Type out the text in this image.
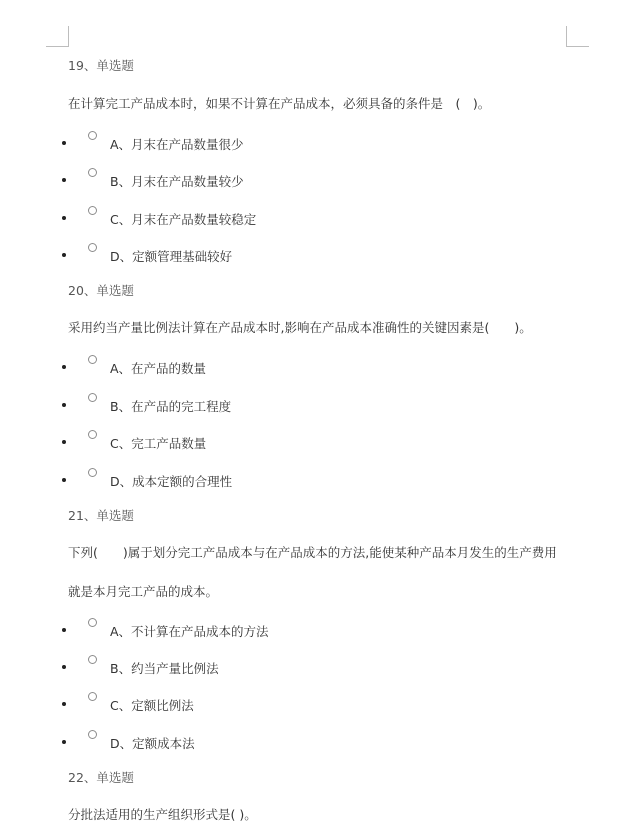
19、单选题
在计算完工产品成本时，如果不计算在产品成本，必须具备的条件是　(　)。
A、月末在产品数量很少
B、月末在产品数量较少
C、月末在产品数量较稳定
D、定额管理基础较好
20、单选题
采用约当产量比例法计算在产品成本时,影响在产品成本准确性的关键因素是(　　)。
A、在产品的数量
B、在产品的完工程度
C、完工产品数量
D、成本定额的合理性
21、单选题
下列(　　)属于划分完工产品成本与在产品成本的方法,能使某种产品本月发生的生产费用
就是本月完工产品的成本。
A、不计算在产品成本的方法
B、约当产量比例法
C、定额比例法
D、定额成本法
22、单选题
分批法适用的生产组织形式是( )。
